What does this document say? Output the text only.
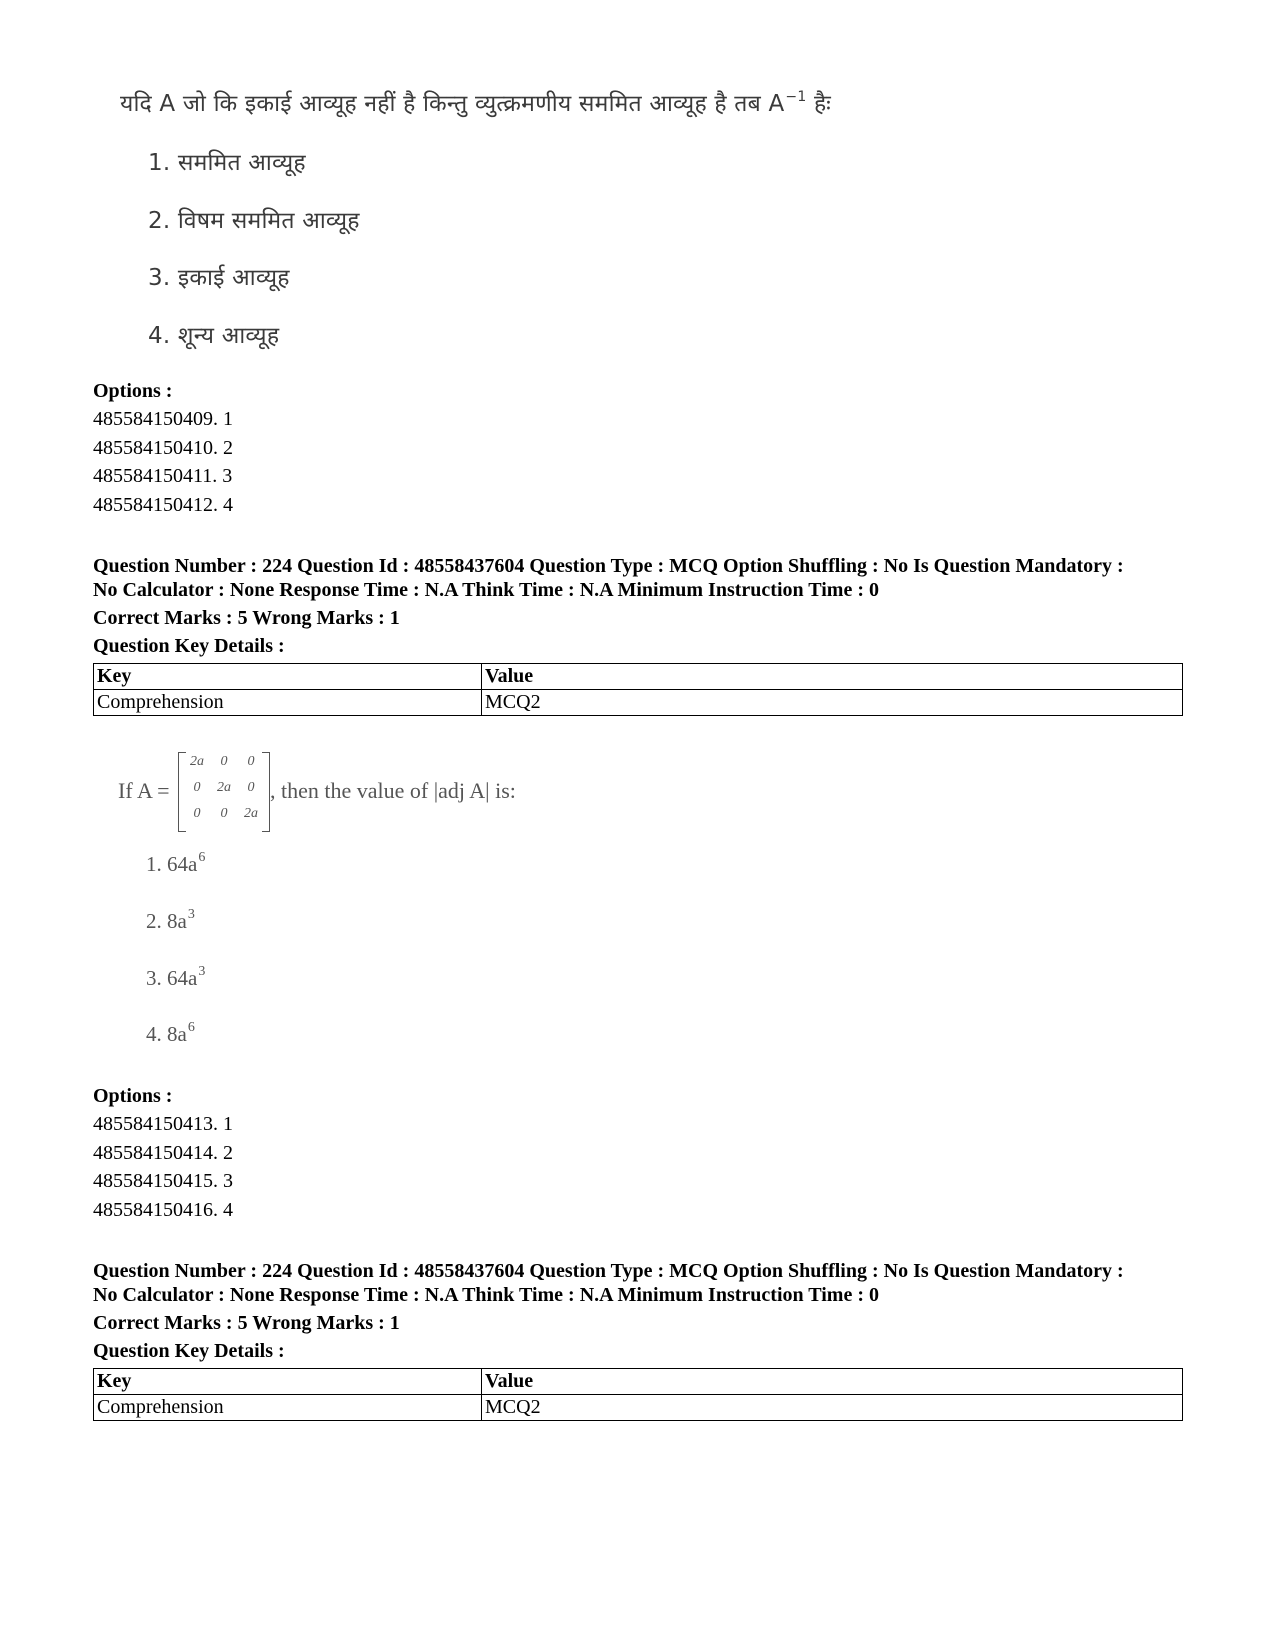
यदि A जो कि इकाई आव्यूह नहीं है किन्तु व्युत्क्रमणीय सममित आव्यूह है तब $A^{-1}$ हैः
1. सममित आव्यूह
2. विषम सममित आव्यूह
3. इकाई आव्यूह
4. शून्य आव्यूह
Options :
485584150409. 1
485584150410. 2
485584150411. 3
485584150412. 4
Question Number : 224 Question Id : 48558437604 Question Type : MCQ Option Shuffling : No Is Question Mandatory :
No Calculator : None Response Time : N.A Think Time : N.A Minimum Instruction Time : 0
Correct Marks : 5 Wrong Marks : 1
Question Key Details :
Key	Value
Comprehension	MCQ2
If A =
2a	0	0
0	2a	0
0	0	2a
, then the value of |adj A| is:
1. $64a^6$
2. $8a^3$
3. $64a^3$
4. $8a^6$
Options :
485584150413. 1
485584150414. 2
485584150415. 3
485584150416. 4
Question Number : 224 Question Id : 48558437604 Question Type : MCQ Option Shuffling : No Is Question Mandatory :
No Calculator : None Response Time : N.A Think Time : N.A Minimum Instruction Time : 0
Correct Marks : 5 Wrong Marks : 1
Question Key Details :
Key	Value
Comprehension	MCQ2
